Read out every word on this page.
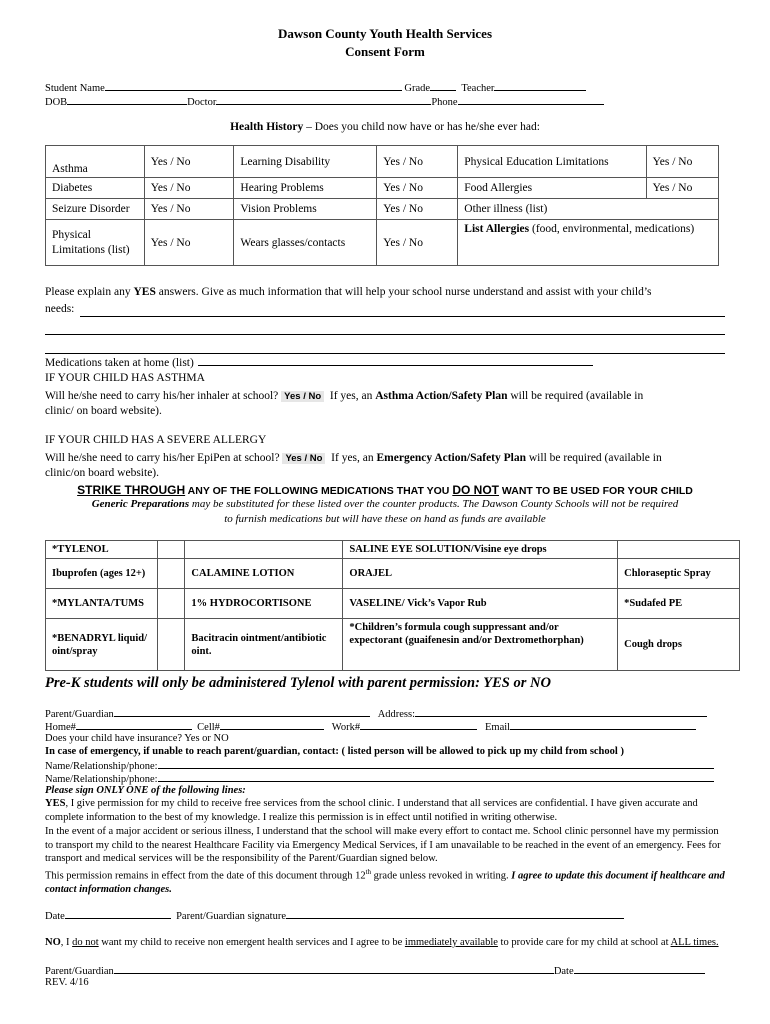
Dawson County Youth Health Services
Consent Form
Student Name	Grade	Teacher
DOB	Doctor	Phone
Health History – Does you child now have or has he/she ever had:
Asthma	Yes / No	Learning Disability	Yes / No	Physical Education Limitations	Yes / No
Diabetes	Yes / No	Hearing Problems	Yes / No	Food Allergies	Yes / No
Seizure Disorder	Yes / No	Vision Problems	Yes / No	Other illness (list)	
Physical Limitations (list)	Yes / No	Wears glasses/contacts	Yes / No	List Allergies (food, environmental, medications)	
Please explain any YES answers. Give as much information that will help your school nurse understand and assist with your child’s
needs:
Medications taken at home (list)
IF YOUR CHILD HAS ASTHMA
Will he/she need to carry his/her inhaler at school? Yes / No If yes, an Asthma Action/Safety Plan will be required (available in
clinic/ on board website).
IF YOUR CHILD HAS A SEVERE ALLERGY
Will he/she need to carry his/her EpiPen at school? Yes / No If yes, an Emergency Action/Safety Plan will be required (available in
clinic/on board website).
STRIKE THROUGH ANY OF THE FOLLOWING MEDICATIONS THAT YOU DO NOT WANT TO BE USED FOR YOUR CHILD
Generic Preparations may be substituted for these listed over the counter products. The Dawson County Schools will not be required
to furnish medications but will have these on hand as funds are available
*TYLENOL			SALINE EYE SOLUTION/Visine eye drops	
Ibuprofen (ages 12+)		CALAMINE LOTION	ORAJEL	Chloraseptic Spray
*MYLANTA/TUMS		1% HYDROCORTISONE	VASELINE/ Vick’s Vapor Rub	*Sudafed PE
*BENADRYL liquid/ oint/spray		Bacitracin ointment/antibiotic oint.	*Children’s formula cough suppressant and/or expectorant (guaifenesin and/or Dextromethorphan)	Cough drops
Pre-K students will only be administered Tylenol with parent permission: YES or NO
Parent/Guardian	Address:
Home#	Cell#	Work#	Email
Does your child have insurance? Yes or NO
In case of emergency, if unable to reach parent/guardian, contact: ( listed person will be allowed to pick up my child from school )
Name/Relationship/phone:
Name/Relationship/phone:
Please sign ONLY ONE of the following lines:
YES, I give permission for my child to receive free services from the school clinic. I understand that all services are confidential. I have given accurate and complete information to the best of my knowledge. I realize this permission is in effect until notified in writing otherwise.
In the event of a major accident or serious illness, I understand that the school will make every effort to contact me. School clinic personnel have my permission to transport my child to the nearest Healthcare Facility via Emergency Medical Services, if I am unavailable to be reached in the event of an emergency. Fees for transport and medical services will be the responsibility of the Parent/Guardian signed below.
This permission remains in effect from the date of this document through 12th grade unless revoked in writing. I agree to update this document if healthcare and contact information changes.
Date	Parent/Guardian signature
NO, I do not want my child to receive non emergent health services and I agree to be immediately available to provide care for my child at school at ALL times.
Parent/Guardian	Date
REV. 4/16
